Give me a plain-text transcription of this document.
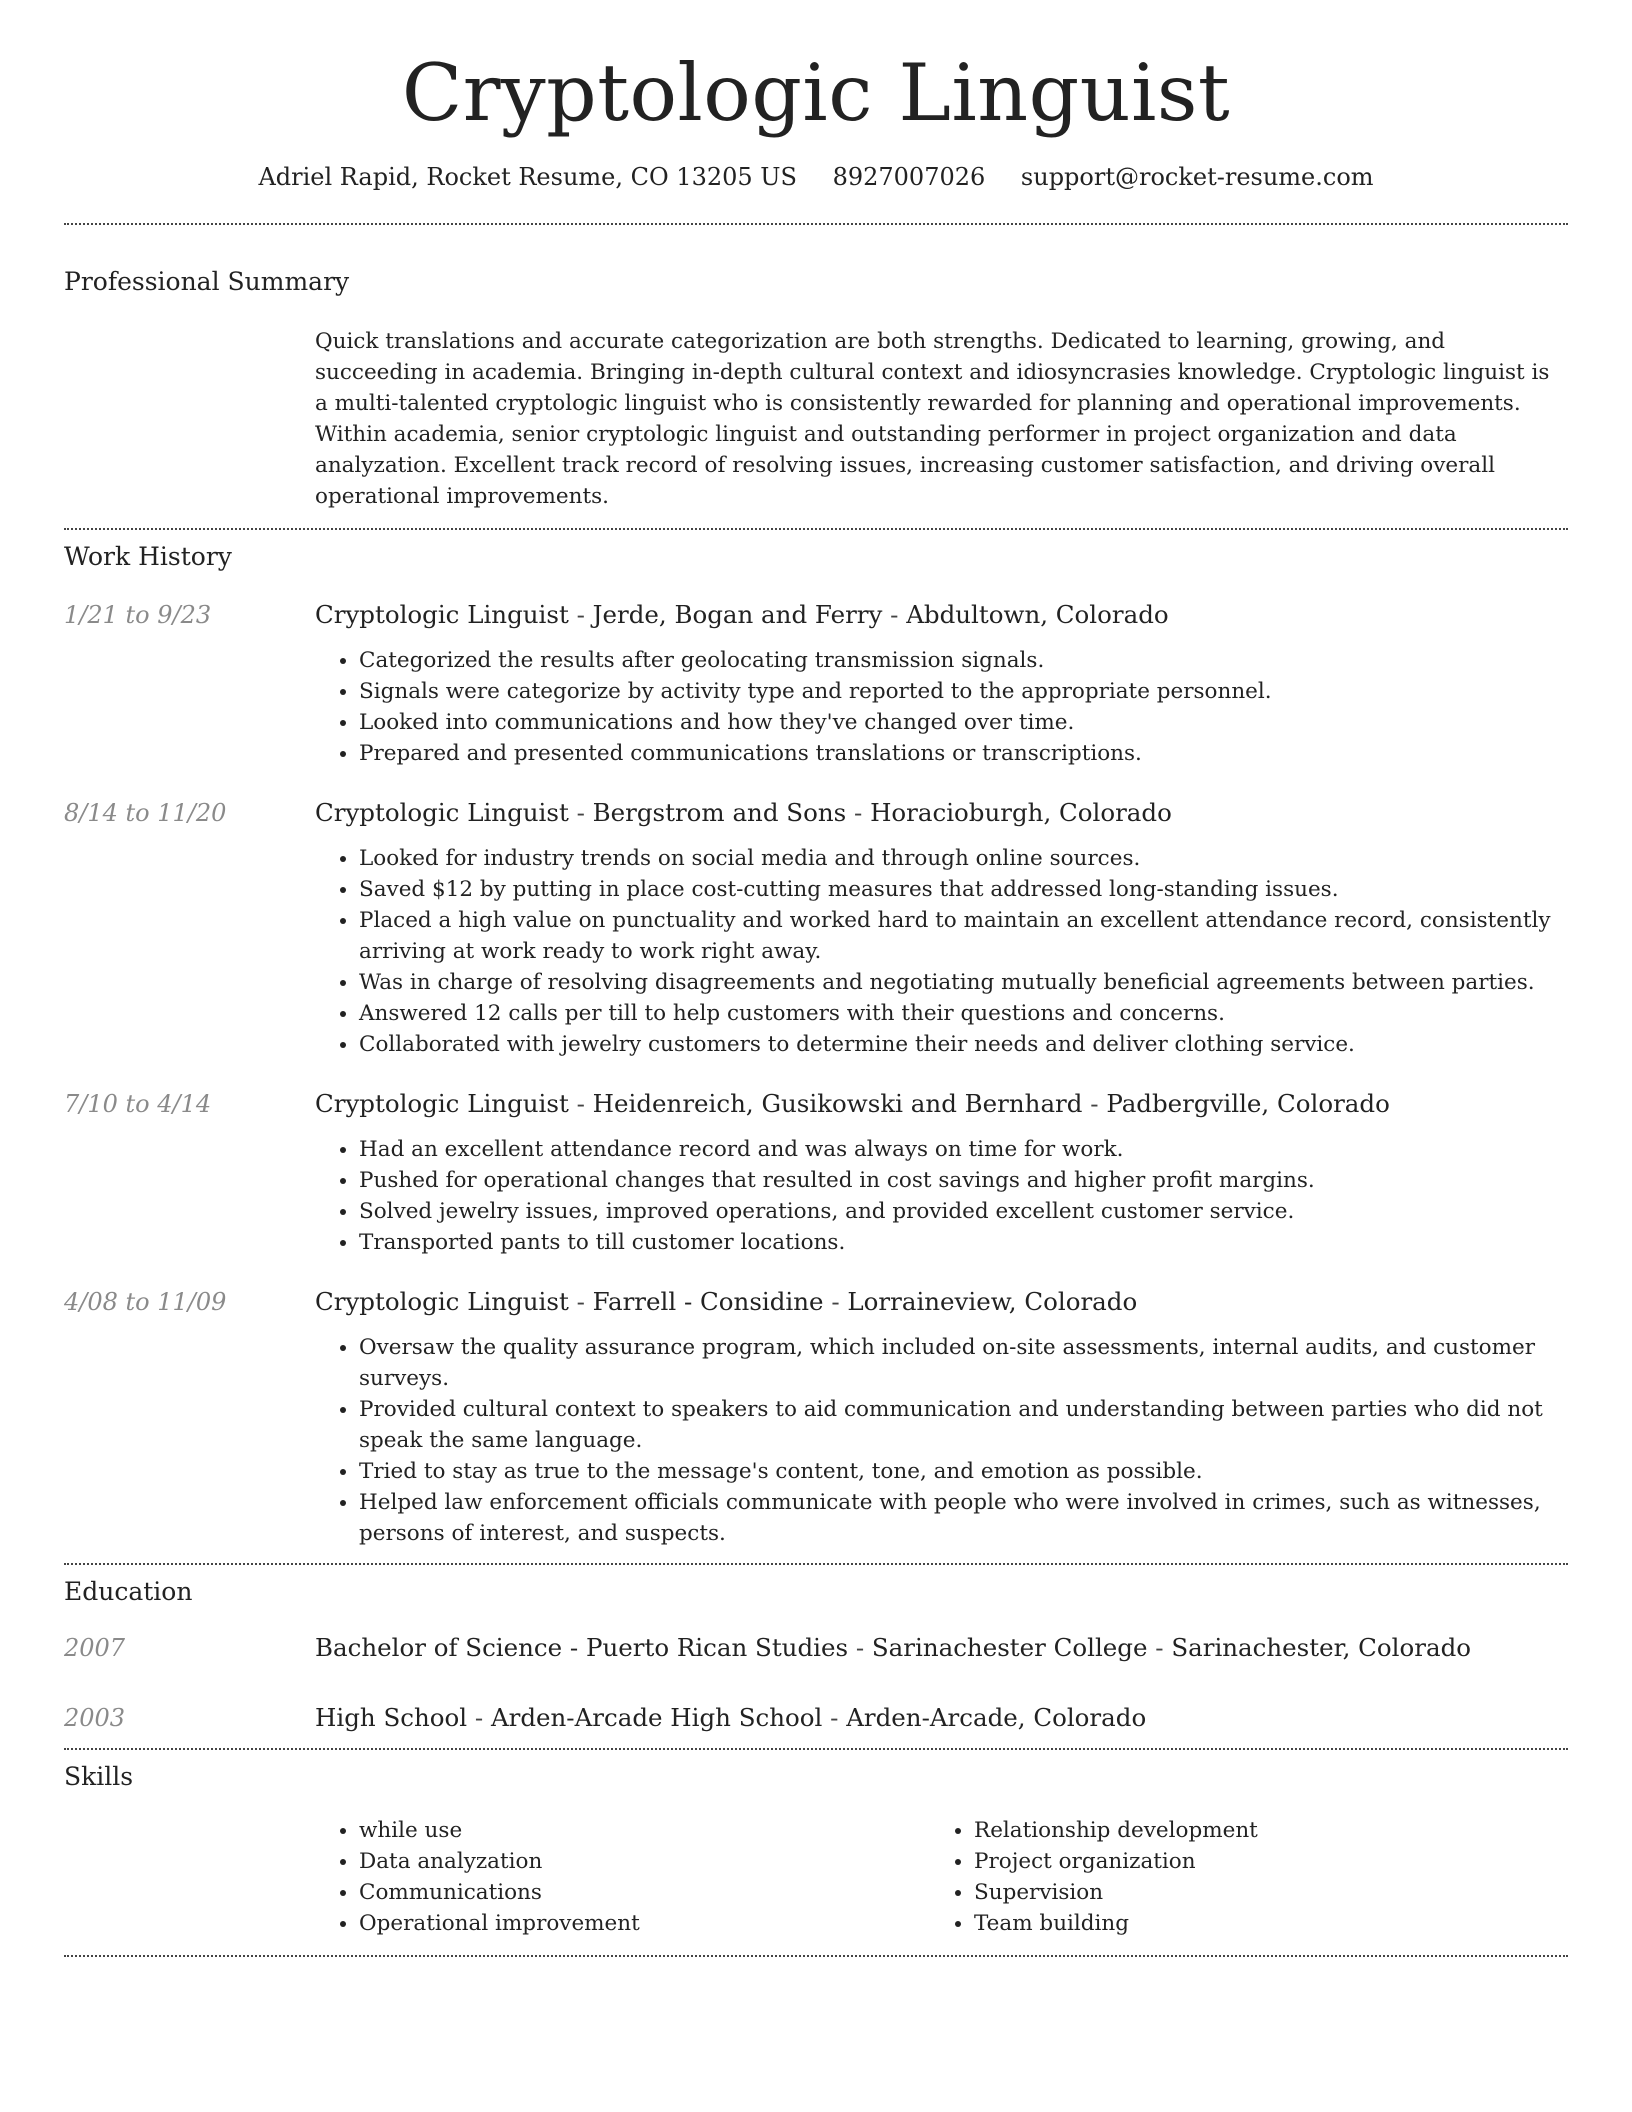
Cryptologic Linguist
Adriel Rapid, Rocket Resume, CO 13205 US 8927007026 support@rocket-resume.com
Professional Summary

Quick translations and accurate categorization are both strengths. Dedicated to learning, growing, and succeeding in academia. Bringing in-depth cultural context and idiosyncrasies knowledge. Cryptologic linguist is a multi-talented cryptologic linguist who is consistently rewarded for planning and operational improvements. Within academia, senior cryptologic linguist and outstanding performer in project organization and data analyzation. Excellent track record of resolving issues, increasing customer satisfaction, and driving overall operational improvements.

Work History
1/21 to 9/23	Cryptologic Linguist - Jerde, Bogan and Ferry - Abdultown, Colorado
• Categorized the results after geolocating transmission signals.
• Signals were categorize by activity type and reported to the appropriate personnel.
• Looked into communications and how they've changed over time.
• Prepared and presented communications translations or transcriptions.
8/14 to 11/20	Cryptologic Linguist - Bergstrom and Sons - Horacioburgh, Colorado
• Looked for industry trends on social media and through online sources.
• Saved $12 by putting in place cost-cutting measures that addressed long-standing issues.
• Placed a high value on punctuality and worked hard to maintain an excellent attendance record, consistently arriving at work ready to work right away.
• Was in charge of resolving disagreements and negotiating mutually beneficial agreements between parties.
• Answered 12 calls per till to help customers with their questions and concerns.
• Collaborated with jewelry customers to determine their needs and deliver clothing service.
7/10 to 4/14	Cryptologic Linguist - Heidenreich, Gusikowski and Bernhard - Padbergville, Colorado
• Had an excellent attendance record and was always on time for work.
• Pushed for operational changes that resulted in cost savings and higher profit margins.
• Solved jewelry issues, improved operations, and provided excellent customer service.
• Transported pants to till customer locations.
4/08 to 11/09	Cryptologic Linguist - Farrell - Considine - Lorraineview, Colorado
• Oversaw the quality assurance program, which included on-site assessments, internal audits, and customer surveys.
• Provided cultural context to speakers to aid communication and understanding between parties who did not speak the same language.
• Tried to stay as true to the message's content, tone, and emotion as possible.
• Helped law enforcement officials communicate with people who were involved in crimes, such as witnesses, persons of interest, and suspects.
Education
2007	Bachelor of Science - Puerto Rican Studies - Sarinachester College - Sarinachester, Colorado
2003	High School - Arden-Arcade High School - Arden-Arcade, Colorado
Skills
• while use
• Data analyzation
• Communications
• Operational improvement
• Relationship development
• Project organization
• Supervision
• Team building
